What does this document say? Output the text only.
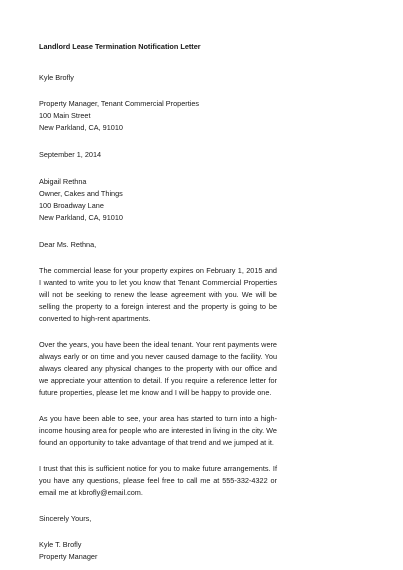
Landlord Lease Termination Notification Letter
Kyle Brofly
Property Manager, Tenant Commercial Properties
100 Main Street
New Parkland, CA, 91010
September 1, 2014
Abigail Rethna
Owner, Cakes and Things
100 Broadway Lane
New Parkland, CA, 91010
Dear Ms. Rethna,

The commercial lease for your property expires on February 1, 2015 and I wanted to write you to let you know that Tenant Commercial Properties will not be seeking to renew the lease agreement with you. We will be selling the property to a foreign interest and the property is going to be converted to high-rent apartments.

Over the years, you have been the ideal tenant. Your rent payments were always early or on time and you never caused damage to the facility. You always cleared any physical changes to the property with our office and we appreciate your attention to detail. If you require a reference letter for future properties, please let me know and I will be happy to provide one.

As you have been able to see, your area has started to turn into a high-income housing area for people who are interested in living in the city. We found an opportunity to take advantage of that trend and we jumped at it.

I trust that this is sufficient notice for you to make future arrangements. If you have any questions, please feel free to call me at 555-332-4322 or email me at kbrofly@email.com.

Sincerely Yours,
Kyle T. Brofly
Property Manager
